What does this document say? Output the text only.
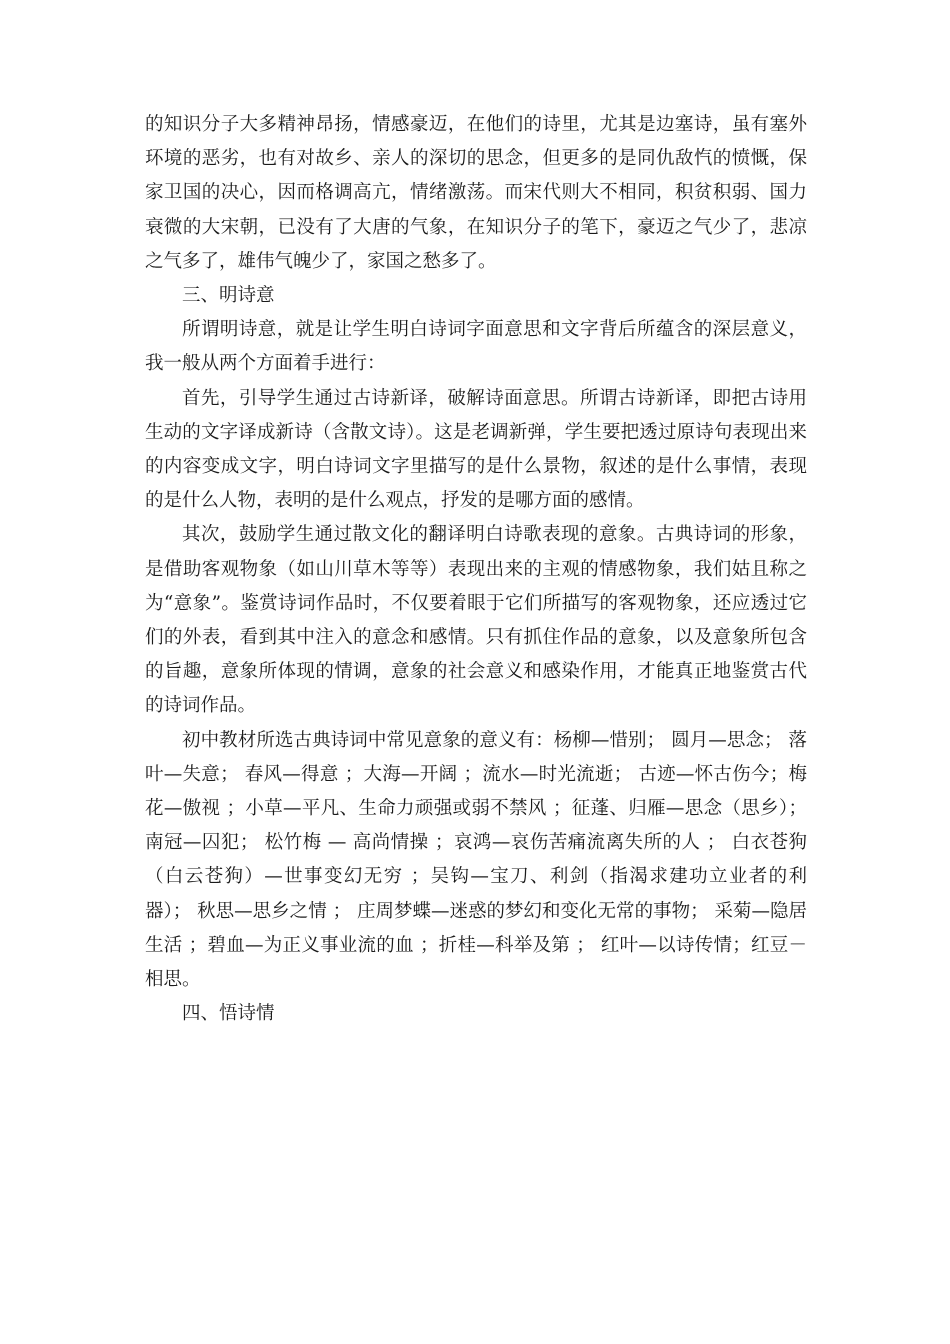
的知识分子大多精神昂扬，情感豪迈，在他们的诗里，尤其是边塞诗，虽有塞外环境的恶劣，也有对故乡、亲人的深切的思念，但更多的是同仇敌忾的愤慨，保家卫国的决心，因而格调高亢，情绪激荡。而宋代则大不相同，积贫积弱、国力衰微的大宋朝，已没有了大唐的气象，在知识分子的笔下，豪迈之气少了，悲凉之气多了，雄伟气魄少了，家国之愁多了。

三、明诗意

所谓明诗意，就是让学生明白诗词字面意思和文字背后所蕴含的深层意义，我一般从两个方面着手进行：

首先，引导学生通过古诗新译，破解诗面意思。所谓古诗新译，即把古诗用生动的文字译成新诗（含散文诗）。这是老调新弹，学生要把透过原诗句表现出来的内容变成文字，明白诗词文字里描写的是什么景物，叙述的是什么事情，表现的是什么人物，表明的是什么观点，抒发的是哪方面的感情。

其次，鼓励学生通过散文化的翻译明白诗歌表现的意象。古典诗词的形象，是借助客观物象（如山川草木等等）表现出来的主观的情感物象，我们姑且称之为“意象”。鉴赏诗词作品时，不仅要着眼于它们所描写的客观物象，还应透过它们的外表，看到其中注入的意念和感情。只有抓住作品的意象，以及意象所包含的旨趣，意象所体现的情调，意象的社会意义和感染作用，才能真正地鉴赏古代的诗词作品。

初中教材所选古典诗词中常见意象的意义有：杨柳—惜别； 圆月—思念； 落叶—失意； 春风—得意 ；大海—开阔 ；流水—时光流逝； 古迹—怀古伤今；梅花—傲视 ；小草—平凡、生命力顽强或弱不禁风 ；征蓬、归雁—思念（思乡）；南冠—囚犯； 松竹梅 — 高尚情操 ；哀鸿—哀伤苦痛流离失所的人 ； 白衣苍狗（白云苍狗）—世事变幻无穷 ；吴钩—宝刀、利剑（指渴求建功立业者的利器）； 秋思—思乡之情 ； 庄周梦蝶—迷惑的梦幻和变化无常的事物； 采菊—隐居生活 ；碧血—为正义事业流的血 ；折桂—科举及第 ； 红叶—以诗传情；红豆－相思。

四、悟诗情
